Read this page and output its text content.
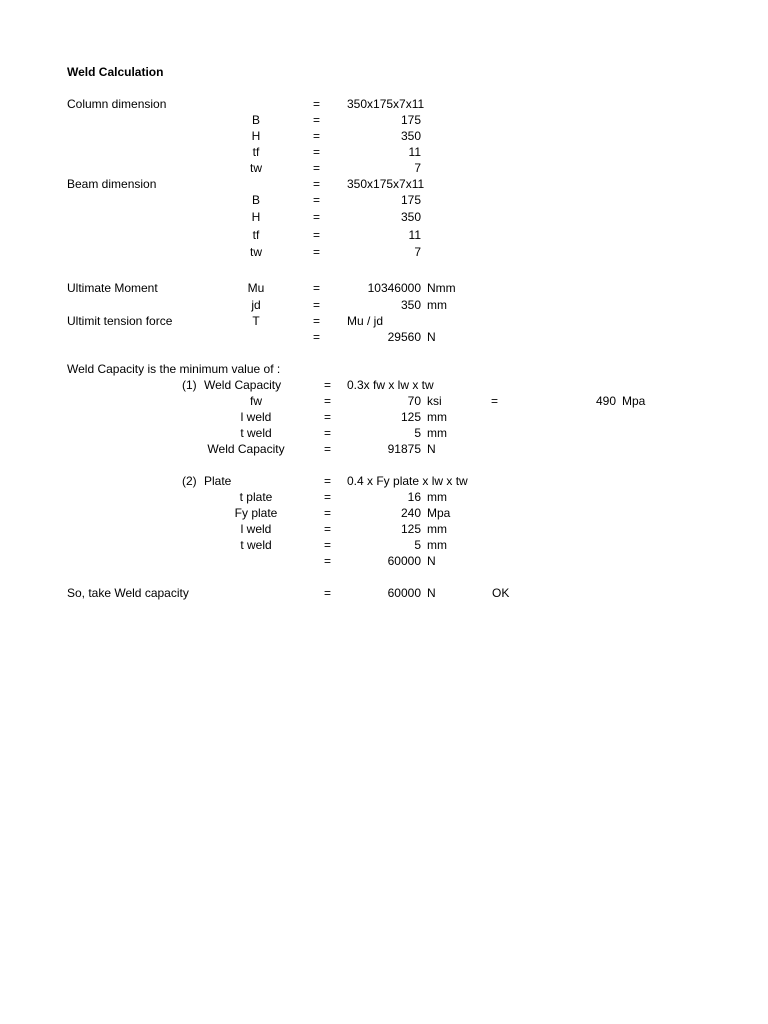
Weld Calculation
Column dimension	= 350x175x7x11
B	=	175
H	=	350
tf	=	11
tw	=	7
Beam dimension	= 350x175x7x11
B	=	175
H	=	350
tf	=	11
tw	=	7
Ultimate Moment	Mu	=	10346000 Nmm
jd	=	350 mm
Ultimit tension force	T	= Mu / jd
=	29560 N
Weld Capacity is the minimum value of :
(1) Weld Capacity	= 0.3x fw x lw x tw
fw	=	70 ksi	=	490 Mpa
l weld	=	125 mm
t weld	=	5 mm
Weld Capacity	=	91875 N
(2) Plate	= 0.4 x Fy plate x lw x tw
t plate	=	16 mm
Fy plate	=	240 Mpa
l weld	=	125 mm
t weld	=	5 mm
=	60000 N
So, take Weld capacity	=	60000 N	OK
